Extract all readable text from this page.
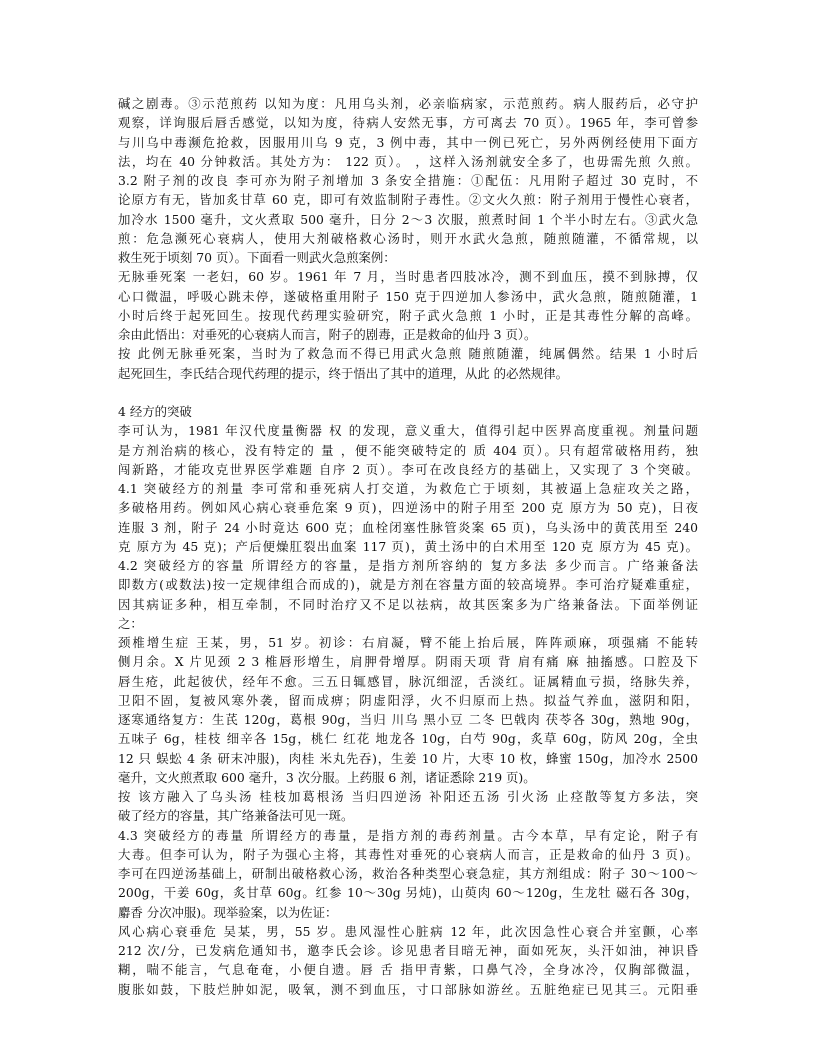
碱之剧毒。③示范煎药 以知为度：凡用乌头剂，必亲临病家，示范煎药。病人服药后，必守护
观察，详询服后唇舌感觉，以知为度，待病人安然无事，方可离去 70 页）。1965 年，李可曾参
与川乌中毒濒危抢救，因服用川乌 9 克，3 例中毒，其中一例已死亡，另外两例经使用下面方
法，均在 40 分钟救活。其处方为： 122 页）。 ，这样入汤剂就安全多了，也毋需先煎 久煎。
3.2 附子剂的改良 李可亦为附子剂增加 3 条安全措施：①配伍：凡用附子超过 30 克时，不
论原方有无，皆加炙甘草 60 克，即可有效监制附子毒性。②文火久煎：附子剂用于慢性心衰者，
加冷水 1500 毫升，文火煮取 500 毫升，日分 2～3 次服，煎煮时间 1 个半小时左右。③武火急
煎：危急濒死心衰病人，使用大剂破格救心汤时，则开水武火急煎，随煎随灌，不循常规，以
救生死于顷刻 70 页）。下面看一则武火急煎案例：
无脉垂死案 一老妇，60 岁。1961 年 7 月，当时患者四肢冰冷，测不到血压，摸不到脉搏，仅
心口微温，呼吸心跳未停，遂破格重用附子 150 克于四逆加人参汤中，武火急煎，随煎随灌，1
小时后终于起死回生。按现代药理实验研究，附子武火急煎 1 小时，正是其毒性分解的高峰。
余由此悟出：对垂死的心衰病人而言，附子的剧毒，正是救命的仙丹 3 页）。
按 此例无脉垂死案，当时为了救急而不得已用武火急煎 随煎随灌，纯属偶然。结果 1 小时后
起死回生，李氏结合现代药理的提示，终于悟出了其中的道理，从此 的必然规律。
4 经方的突破
李可认为，1981 年汉代度量衡器 权 的发现，意义重大，值得引起中医界高度重视。剂量问题
是方剂治病的核心，没有特定的 量 ，便不能突破特定的 质 404 页）。只有超常破格用药，独
闯新路，才能攻克世界医学难题 自序 2 页）。李可在改良经方的基础上，又实现了 3 个突破。
4.1 突破经方的剂量 李可常和垂死病人打交道，为救危亡于顷刻，其被逼上急症攻关之路，
多破格用药。例如风心病心衰垂危案 9 页)，四逆汤中的附子用至 200 克 原方为 50 克)，日夜
连服 3 剂，附子 24 小时竟达 600 克；血栓闭塞性脉管炎案 65 页)，乌头汤中的黄芪用至 240
克 原方为 45 克)；产后便燥肛裂出血案 117 页)，黄土汤中的白术用至 120 克 原方为 45 克)。
4.2 突破经方的容量 所谓经方的容量，是指方剂所容纳的 复方多法 多少而言。广络兼备法
即数方(或数法)按一定规律组合而成的)，就是方剂在容量方面的较高境界。李可治疗疑难重症，
因其病证多种，相互牵制，不同时治疗又不足以祛病，故其医案多为广络兼备法。下面举例证
之：
颈椎增生症 王某，男，51 岁。初诊：右肩凝，臂不能上抬后展，阵阵顽麻，项强痛 不能转
侧月余。X 片见颈 2 3 椎唇形增生，肩胛骨增厚。阴雨天项 背 肩有痛 麻 抽搐感。口腔及下
唇生疮，此起彼伏，经年不愈。三五日辄感冒，脉沉细涩，舌淡红。证属精血亏损，络脉失养，
卫阳不固，复被风寒外袭，留而成痹；阴虚阳浮，火不归原而上热。拟益气养血，滋阴和阳，
逐寒通络复方：生芪 120g，葛根 90g，当归 川乌 黑小豆 二冬 巴戟肉 茯苓各 30g，熟地 90g，
五味子 6g，桂枝 细辛各 15g，桃仁 红花 地龙各 10g，白芍 90g，炙草 60g，防风 20g，全虫
12 只 蜈蚣 4 条 研末冲服)，肉桂 米丸先吞)，生姜 10 片，大枣 10 枚，蜂蜜 150g，加冷水 2500
毫升，文火煎煮取 600 毫升，3 次分服。上药服 6 剂，诸证悉除 219 页)。
按 该方融入了乌头汤 桂枝加葛根汤 当归四逆汤 补阳还五汤 引火汤 止痉散等复方多法，突
破了经方的容量，其广络兼备法可见一斑。
4.3 突破经方的毒量 所谓经方的毒量，是指方剂的毒药剂量。古今本草，早有定论，附子有
大毒。但李可认为，附子为强心主将，其毒性对垂死的心衰病人而言，正是救命的仙丹 3 页)。
李可在四逆汤基础上，研制出破格救心汤，救治各种类型心衰急症，其方剂组成：附子 30～100～
200g，干姜 60g，炙甘草 60g。红参 10～30g 另炖)，山萸肉 60～120g，生龙牡 磁石各 30g，
麝香 分次冲服)。现举验案，以为佐证：
风心病心衰垂危 吴某，男，55 岁。患风湿性心脏病 12 年，此次因急性心衰合并室颤，心率
212 次/分，已发病危通知书，邀李氏会诊。诊见患者目暗无神，面如死灰，头汗如油，神识昏
糊，喘不能言，气息奄奄，小便自遗。唇 舌 指甲青紫，口鼻气冷，全身冰冷，仅胸部微温，
腹胀如鼓，下肢烂肿如泥，吸氧，测不到血压，寸口部脉如游丝。五脏绝症已见其三。元阳垂
